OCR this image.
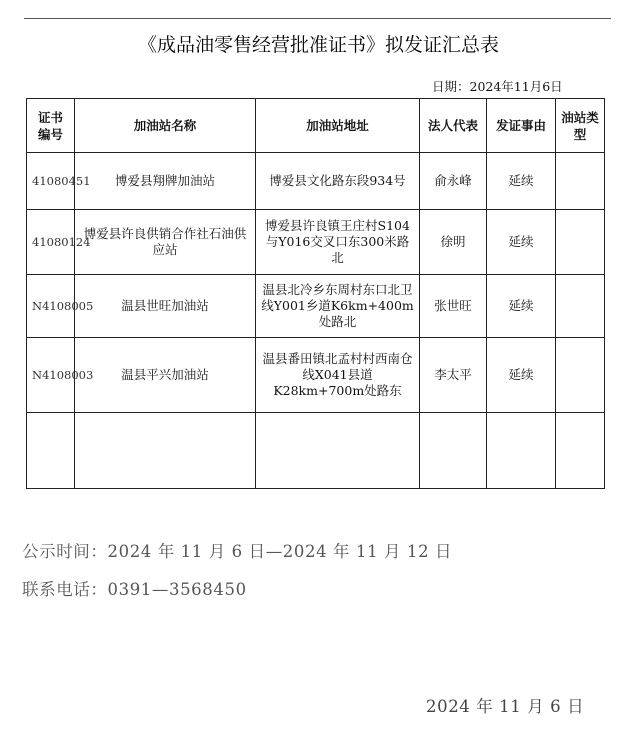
《成品油零售经营批准证书》拟发证汇总表
日期：2024年11月6日
证书编号	加油站名称	加油站地址	法人代表	发证事由	油站类型
41080451	博爱县翔牌加油站	博爱县文化路东段934号	俞永峰	延续	
41080124	博爱县许良供销合作社石油供应站	博爱县许良镇王庄村S104与Y016交叉口东300米路北	徐明	延续	
N4108005	温县世旺加油站	温县北冷乡东周村东口北卫线Y001乡道K6km+400m处路北	张世旺	延续	
N4108003	温县平兴加油站	温县番田镇北孟村村西南仓线X041县道K28km+700m处路东	李太平	延续	

公示时间：2024 年 11 月 6 日—2024 年 11 月 12 日
联系电话：0391—3568450
2024 年 11 月 6 日
